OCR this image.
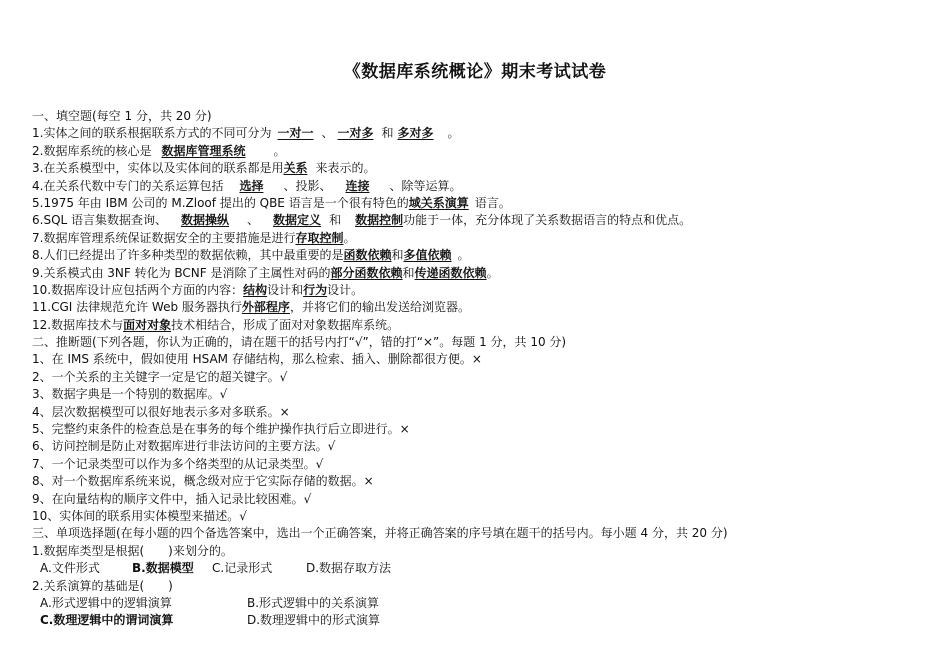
《数据库系统概论》期末考试试卷
一、填空题(每空 1 分，共 20 分)
1.实体之间的联系根据联系方式的不同可分为 一对一 、 一对多 和 多对多 。
2.数据库系统的核心是 数据库管理系统 。
3.在关系模型中，实体以及实体间的联系都是用关系 来表示的。
4.在关系代数中专门的关系运算包括 选择 、投影、 连接 、除等运算。
5.1975 年由 IBM 公司的 M.Zloof 提出的 QBE 语言是一个很有特色的域关系演算 语言。
6.SQL 语言集数据查询、 数据操纵 、 数据定义 和 数据控制功能于一体，充分体现了关系数据语言的特点和优点。
7.数据库管理系统保证数据安全的主要措施是进行存取控制。
8.人们已经提出了许多种类型的数据依赖，其中最重要的是函数依赖和多值依赖 。
9.关系模式由 3NF 转化为 BCNF 是消除了主属性对码的部分函数依赖和传递函数依赖。
10.数据库设计应包括两个方面的内容：结构设计和行为设计。
11.CGI 法律规范允许 Web 服务器执行外部程序，并将它们的输出发送给浏览器。
12.数据库技术与面对对象技术相结合，形成了面对对象数据库系统。
二、推断题(下列各题，你认为正确的，请在题干的括号内打“√”，错的打“×”。每题 1 分，共 10 分)
1、在 IMS 系统中，假如使用 HSAM 存储结构，那么检索、插入、删除都很方便。×
2、一个关系的主关键字一定是它的超关键字。√
3、数据字典是一个特别的数据库。√
4、层次数据模型可以很好地表示多对多联系。×
5、完整约束条件的检查总是在事务的每个维护操作执行后立即进行。×
6、访问控制是防止对数据库进行非法访问的主要方法。√
7、一个记录类型可以作为多个络类型的从记录类型。√
8、对一个数据库系统来说，概念级对应于它实际存储的数据。×
9、在向量结构的顺序文件中，插入记录比较困难。√
10、实体间的联系用实体模型来描述。√
三、单项选择题(在每小题的四个备选答案中，选出一个正确答案，并将正确答案的序号填在题干的括号内。每小题 4 分，共 20 分)
1.数据库类型是根据(　　)来划分的。
A.文件形式	B.数据模型 C.记录形式	D.数据存取方法
2.关系演算的基础是(　　)
A.形式逻辑中的逻辑演算	B.形式逻辑中的关系演算
C.数理逻辑中的谓词演算	D.数理逻辑中的形式演算
